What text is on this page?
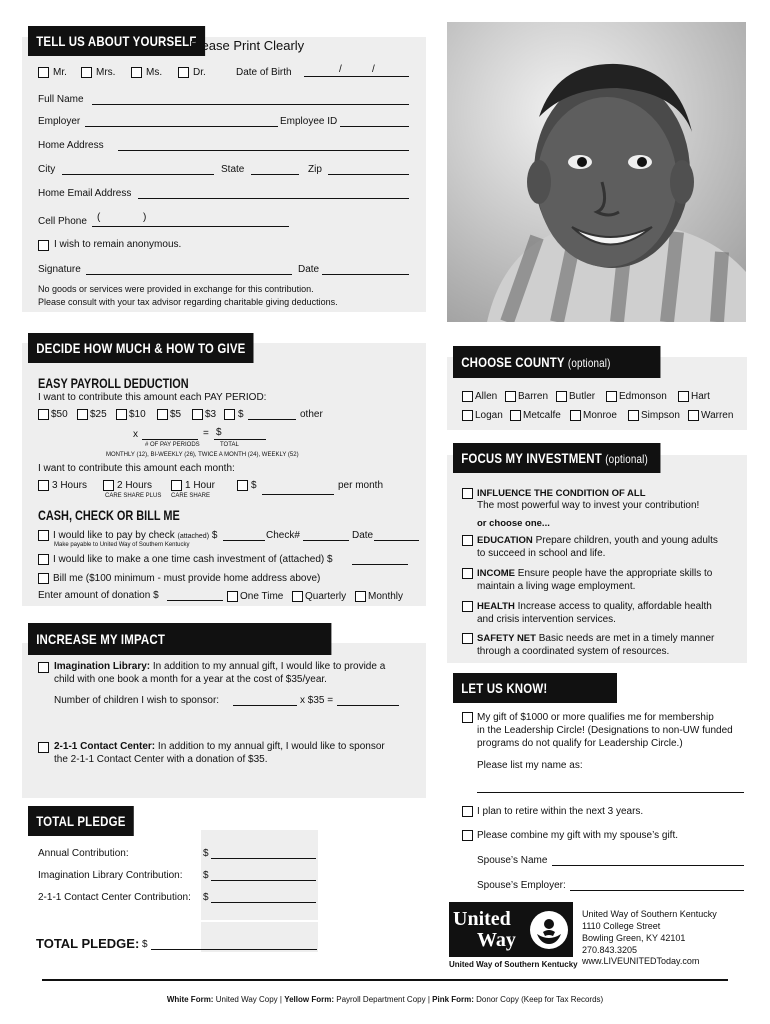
TELL US ABOUT YOURSELF
Please Print Clearly
Mr.	Mrs.	Ms.	Dr.	Date of Birth	/	/
Full Name
Employer	Employee ID
Home Address
City	State	Zip
Home Email Address
Cell Phone (	)
I wish to remain anonymous.
Signature	Date
No goods or services were provided in exchange for this contribution.
Please consult with your tax advisor regarding charitable giving deductions.
DECIDE HOW MUCH & HOW TO GIVE
EASY PAYROLL DEDUCTION
I want to contribute this amount each PAY PERIOD:
$50 $25 $10 $5 $3 $	other
x	= $
# OF PAY PERIODS	TOTAL
MONTHLY (12), BI-WEEKLY (26), TWICE A MONTH (24), WEEKLY (52)
I want to contribute this amount each month:
3 Hours	2 Hours	1 Hour	$	per month
CARE SHARE PLUS CARE SHARE
CASH, CHECK OR BILL ME
I would like to pay by check (attached) $	Check#	Date
Make payable to United Way of Southern Kentucky
I would like to make a one time cash investment of (attached) $
Bill me ($100 minimum - must provide home address above)
Enter amount of donation $	One Time Quarterly Monthly
INCREASE MY IMPACT
Imagination Library: In addition to my annual gift, I would like to provide a
child with one book a month for a year at the cost of $35/year.
Number of children I wish to sponsor:	x $35 =
2-1-1 Contact Center: In addition to my annual gift, I would like to sponsor
the 2-1-1 Contact Center with a donation of $35.
TOTAL PLEDGE
Annual Contribution:	$
Imagination Library Contribution: $
2-1-1 Contact Center Contribution: $
TOTAL PLEDGE: $
CHOOSE COUNTY (optional)
Allen Barren Butler Edmonson Hart
Logan Metcalfe Monroe Simpson Warren
FOCUS MY INVESTMENT (optional)
INFLUENCE THE CONDITION OF ALL
The most powerful way to invest your contribution!
or choose one...
EDUCATION Prepare children, youth and young adults
to succeed in school and life.
INCOME Ensure people have the appropriate skills to
maintain a living wage employment.
HEALTH Increase access to quality, affordable health
and crisis intervention services.
SAFETY NET Basic needs are met in a timely manner
through a coordinated system of resources.
LET US KNOW!
My gift of $1000 or more qualifies me for membership
in the Leadership Circle! (Designations to non-UW funded
programs do not qualify for Leadership Circle.)
Please list my name as:
I plan to retire within the next 3 years.
Please combine my gift with my spouse’s gift.
Spouse’s Name
Spouse’s Employer:
United
Way
United Way of Southern Kentucky
United Way of Southern Kentucky
1110 College Street
Bowling Green, KY 42101
270.843.3205
www.LIVEUNITEDToday.com
White Form: United Way Copy | Yellow Form: Payroll Department Copy | Pink Form: Donor Copy (Keep for Tax Records)
